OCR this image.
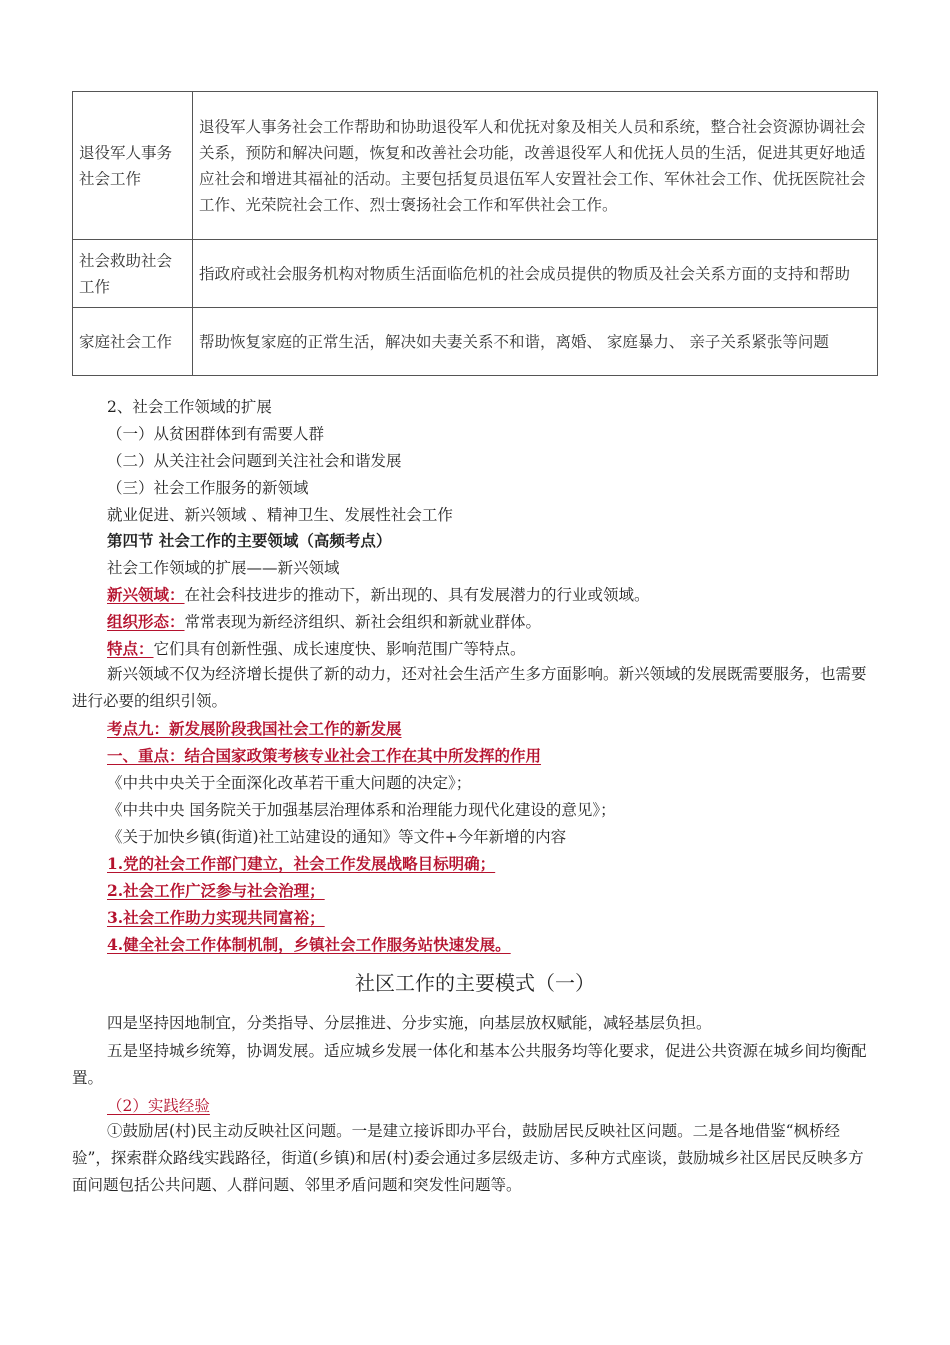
退役军人事务社会工作	退役军人事务社会工作帮助和协助退役军人和优抚对象及相关人员和系统，整合社会资源协调社会关系，预防和解决问题，恢复和改善社会功能，改善退役军人和优抚人员的生活，促进其更好地适应社会和增进其福祉的活动。主要包括复员退伍军人安置社会工作、军休社会工作、优抚医院社会工作、光荣院社会工作、烈士褒扬社会工作和军供社会工作。
社会救助社会工作	指政府或社会服务机构对物质生活面临危机的社会成员提供的物质及社会关系方面的支持和帮助
家庭社会工作	帮助恢复家庭的正常生活，解决如夫妻关系不和谐，离婚、 家庭暴力、 亲子关系紧张等问题
2、社会工作领域的扩展
（一）从贫困群体到有需要人群
（二）从关注社会问题到关注社会和谐发展
（三）社会工作服务的新领域
就业促进、新兴领域 、精神卫生、发展性社会工作
第四节 社会工作的主要领域（高频考点）
社会工作领域的扩展——新兴领域
新兴领域：在社会科技进步的推动下，新出现的、具有发展潜力的行业或领域。
组织形态：常常表现为新经济组织、新社会组织和新就业群体。
特点：它们具有创新性强、成长速度快、影响范围广等特点。
新兴领域不仅为经济增长提供了新的动力，还对社会生活产生多方面影响。新兴领域的发展既需要服务，也需要进行必要的组织引领。
考点九：新发展阶段我国社会工作的新发展
一、重点：结合国家政策考核专业社会工作在其中所发挥的作用
《中共中央关于全面深化改革若干重大问题的决定》；
《中共中央 国务院关于加强基层治理体系和治理能力现代化建设的意见》；
《关于加快乡镇(街道)社工站建设的通知》等文件+今年新增的内容
1.党的社会工作部门建立，社会工作发展战略目标明确；
2.社会工作广泛参与社会治理；
3.社会工作助力实现共同富裕；
4.健全社会工作体制机制，乡镇社会工作服务站快速发展。
社区工作的主要模式（一）
四是坚持因地制宜，分类指导、分层推进、分步实施，向基层放权赋能，减轻基层负担。
五是坚持城乡统筹，协调发展。适应城乡发展一体化和基本公共服务均等化要求，促进公共资源在城乡间均衡配置。
（2）实践经验
①鼓励居(村)民主动反映社区问题。一是建立接诉即办平台，鼓励居民反映社区问题。二是各地借鉴“枫桥经验”，探索群众路线实践路径，街道(乡镇)和居(村)委会通过多层级走访、多种方式座谈，鼓励城乡社区居民反映多方面问题包括公共问题、人群问题、邻里矛盾问题和突发性问题等。
